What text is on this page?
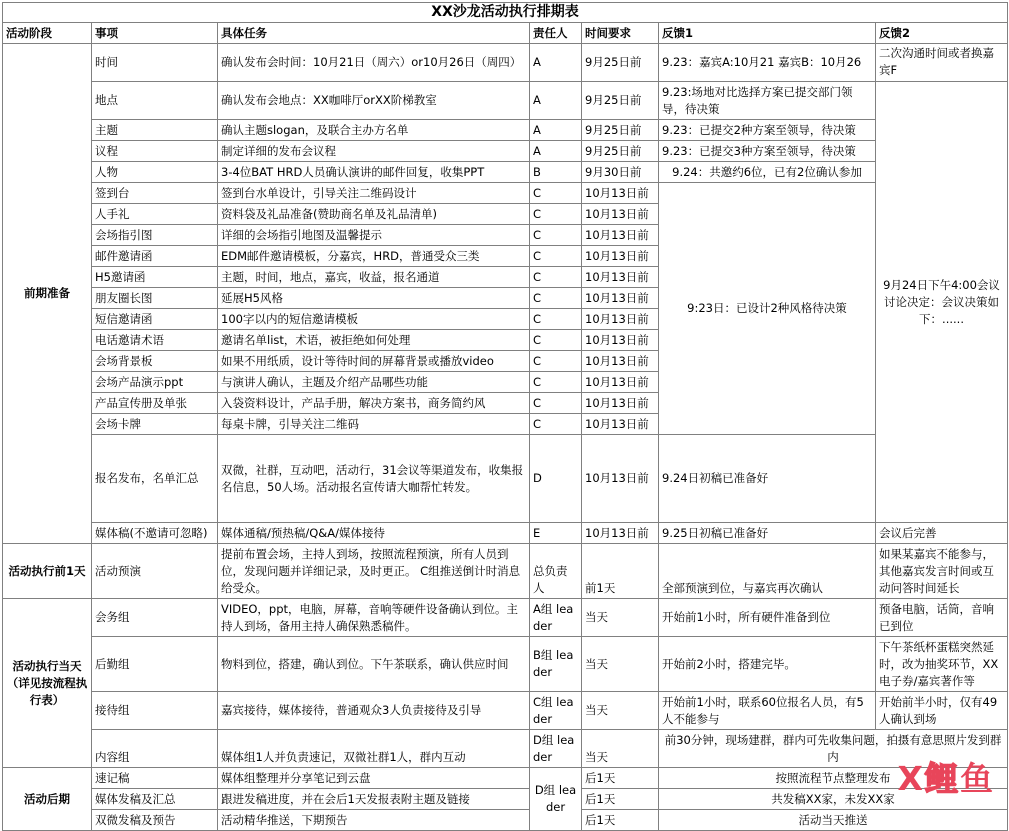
XX沙龙活动执行排期表							
活动阶段	事项	具体任务	责任人	时间要求	反馈1	反馈2	
前期准备	时间	确认发布会时间：10月21日（周六）or10月26日（周四）	A	9月25日前	9.23：嘉宾A:10月21 嘉宾B：10月26	二次沟通时间或者换嘉宾F	
	地点	确认发布会地点：XX咖啡厅orXX阶梯教室	A	9月25日前	9.23:场地对比选择方案已提交部门领导，待决策	9月24日下午4:00会议讨论决定：会议决策如下：......	
	主题	确认主题slogan，及联合主办方名单	A	9月25日前	9.23：已提交2种方案至领导，待决策		
	议程	制定详细的发布会议程	A	9月25日前	9.23：已提交3种方案至领导，待决策		
	人物	3-4位BAT HRD人员确认演讲的邮件回复，收集PPT	B	9月30日前	9.24：共邀约6位，已有2位确认参加		
	签到台	签到台水单设计，引导关注二维码设计	C	10月13日前	9:23日：已设计2种风格待决策		
	人手礼	资料袋及礼品准备(赞助商名单及礼品清单)	C	10月13日前			
	会场指引图	详细的会场指引地图及温馨提示	C	10月13日前			
	邮件邀请函	EDM邮件邀请模板，分嘉宾，HRD，普通受众三类	C	10月13日前			
	H5邀请函	主题，时间，地点，嘉宾，收益，报名通道	C	10月13日前			
	朋友圈长图	延展H5风格	C	10月13日前			
	短信邀请函	100字以内的短信邀请模板	C	10月13日前			
	电话邀请术语	邀请名单list，术语，被拒绝如何处理	C	10月13日前			
	会场背景板	如果不用纸质，设计等待时间的屏幕背景或播放video	C	10月13日前			
	会场产品演示ppt	与演讲人确认，主题及介绍产品哪些功能	C	10月13日前			
	产品宣传册及单张	入袋资料设计，产品手册，解决方案书，商务简约风	C	10月13日前			
	会场卡牌	每桌卡牌，引导关注二维码	C	10月13日前			
	报名发布，名单汇总	双微，社群，互动吧，活动行，31会议等渠道发布，收集报名信息，50人场。活动报名宣传请大咖帮忙转发。	D	10月13日前	9.24日初稿已准备好	
	媒体稿(不邀请可忽略)	媒体通稿/预热稿/Q&A/媒体接待	E	10月13日前	9.25日初稿已准备好	会议后完善	
活动执行前1天	活动预演	提前布置会场，主持人到场，按照流程预演，所有人员到位，发现问题并详细记录，及时更正。 C组推送倒计时消息给受众。	总负责人	前1天	全部预演到位，与嘉宾再次确认	如果某嘉宾不能参与，其他嘉宾发言时间或互动问答时间延长	
活动执行当天（详见按流程执行表）	会务组	VIDEO，ppt，电脑，屏幕，音响等硬件设备确认到位。主持人到场，备用主持人确保熟悉稿件。	A组 leader	当天	开始前1小时，所有硬件准备到位	预备电脑，话筒，音响已到位	
	后勤组	物料到位，搭建，确认到位。下午茶联系，确认供应时间	B组 leader	当天	开始前2小时，搭建完毕。	下午茶纸杯蛋糕突然延时，改为抽奖环节，XX电子券/嘉宾著作等	
	接待组	嘉宾接待，媒体接待，普通观众3人负责接待及引导	C组 leader	当天	开始前1小时，联系60位报名人员，有5人不能参与	开始前半小时，仅有49人确认到场	
	内容组	媒体组1人并负责速记，双微社群1人，群内互动	D组 leader	当天	前30分钟，现场建群，群内可先收集问题，拍摄有意思照片发到群内		
活动后期	速记稿	媒体组整理并分享笔记到云盘	D组 leader	后1天	按照流程节点整理发布		
	媒体发稿及汇总	跟进发稿进度，并在会后1天发报表附主题及链接		后1天	共发稿XX家，未发XX家		
	双微发稿及预告	活动精华推送，下期预告		后1天	活动当天推送		
X鲤鱼
